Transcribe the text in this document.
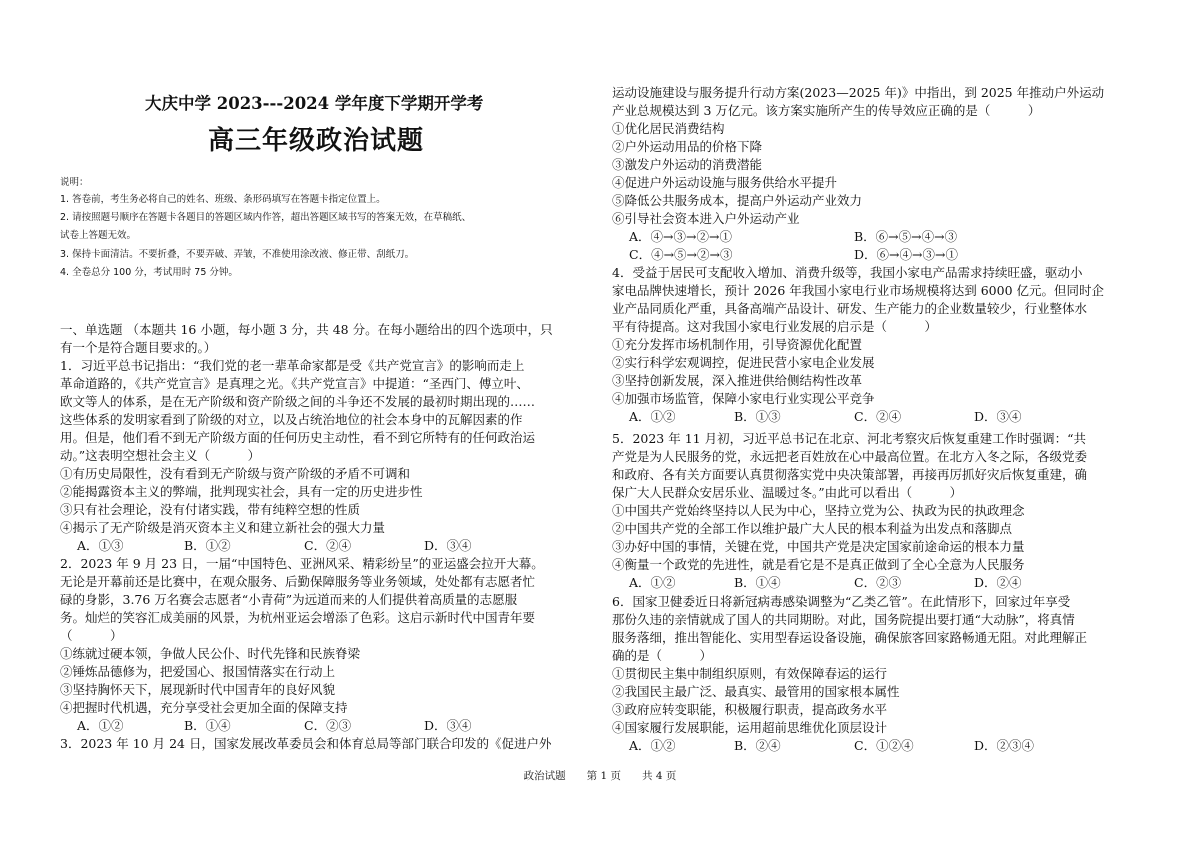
大庆中学 2023---2024 学年度下学期开学考
高三年级政治试题
说明：
1. 答卷前，考生务必将自己的姓名、班级、条形码填写在答题卡指定位置上。
2. 请按照题号顺序在答题卡各题目的答题区域内作答，超出答题区域书写的答案无效，在草稿纸、
试卷上答题无效。
3. 保持卡面清洁。不要折叠，不要弄破、弄皱，不准使用涂改液、修正带、刮纸刀。
4. 全卷总分 100 分，考试用时 75 分钟。
一、单选题 （本题共 16 小题，每小题 3 分，共 48 分。在每小题给出的四个选项中，只
有一个是符合题目要求的。）
1．习近平总书记指出：“我们党的老一辈革命家都是受《共产党宣言》的影响而走上
革命道路的，《共产党宣言》是真理之光。《共产党宣言》中提道：“圣西门、傅立叶、
欧文等人的体系，是在无产阶级和资产阶级之间的斗争还不发展的最初时期出现的……
这些体系的发明家看到了阶级的对立，以及占统治地位的社会本身中的瓦解因素的作
用。但是，他们看不到无产阶级方面的任何历史主动性，看不到它所特有的任何政治运
动。”这表明空想社会主义（　　　）
①有历史局限性，没有看到无产阶级与资产阶级的矛盾不可调和
②能揭露资本主义的弊端，批判现实社会，具有一定的历史进步性
③只有社会理论，没有付诸实践，带有纯粹空想的性质
④揭示了无产阶级是消灭资本主义和建立新社会的强大力量
A．①③	B．①②	C．②④	D．③④
2．2023 年 9 月 23 日，一届“中国特色、亚洲风采、精彩纷呈”的亚运盛会拉开大幕。
无论是开幕前还是比赛中，在观众服务、后勤保障服务等业务领域，处处都有志愿者忙
碌的身影，3.76 万名赛会志愿者“小青荷”为远道而来的人们提供着高质量的志愿服
务。灿烂的笑容汇成美丽的风景，为杭州亚运会增添了色彩。这启示新时代中国青年要
（　　　）
①练就过硬本领，争做人民公仆、时代先锋和民族脊梁
②锤炼品德修为，把爱国心、报国情落实在行动上
③坚持胸怀天下，展现新时代中国青年的良好风貌
④把握时代机遇，充分享受社会更加全面的保障支持
A．①②	B．①④	C．②③	D．③④
3．2023 年 10 月 24 日，国家发展改革委员会和体育总局等部门联合印发的《促进户外
运动设施建设与服务提升行动方案(2023—2025 年)》中指出，到 2025 年推动户外运动
产业总规模达到 3 万亿元。该方案实施所产生的传导效应正确的是（　　　）
①优化居民消费结构
②户外运动用品的价格下降
③激发户外运动的消费潜能
④促进户外运动设施与服务供给水平提升
⑤降低公共服务成本，提高户外运动产业效力
⑥引导社会资本进入户外运动产业
A．④→③→②→①	B．⑥→⑤→④→③
C．④→⑤→②→③	D．⑥→④→③→①
4．受益于居民可支配收入增加、消费升级等，我国小家电产品需求持续旺盛，驱动小
家电品牌快速增长，预计 2026 年我国小家电行业市场规模将达到 6000 亿元。但同时企
业产品同质化严重，具备高端产品设计、研发、生产能力的企业数量较少，行业整体水
平有待提高。这对我国小家电行业发展的启示是（　　　）
①充分发挥市场机制作用，引导资源优化配置
②实行科学宏观调控，促进民营小家电企业发展
③坚持创新发展，深入推进供给侧结构性改革
④加强市场监管，保障小家电行业实现公平竞争
A．①②	B．①③	C．②④	D．③④
5．2023 年 11 月初，习近平总书记在北京、河北考察灾后恢复重建工作时强调：“共
产党是为人民服务的党，永远把老百姓放在心中最高位置。在北方入冬之际，各级党委
和政府、各有关方面要认真贯彻落实党中央决策部署，再接再厉抓好灾后恢复重建，确
保广大人民群众安居乐业、温暖过冬。”由此可以看出（　　　）
①中国共产党始终坚持以人民为中心，坚持立党为公、执政为民的执政理念
②中国共产党的全部工作以维护最广大人民的根本利益为出发点和落脚点
③办好中国的事情，关键在党，中国共产党是决定国家前途命运的根本力量
④衡量一个政党的先进性，就是看它是不是真正做到了全心全意为人民服务
A．①②	B．①④	C．②③	D．②④
6．国家卫健委近日将新冠病毒感染调整为“乙类乙管”。在此情形下，回家过年享受
那份久违的亲情就成了国人的共同期盼。对此，国务院提出要打通“大动脉”，将真情
服务落细，推出智能化、实用型春运设备设施，确保旅客回家路畅通无阻。对此理解正
确的是（　　　）
①贯彻民主集中制组织原则，有效保障春运的运行
②我国民主最广泛、最真实、最管用的国家根本属性
③政府应转变职能，积极履行职责，提高政务水平
④国家履行发展职能，运用超前思维优化顶层设计
A．①②	B．②④	C．①②④	D．②③④
政治试题　　第 1 页　　共 4 页
